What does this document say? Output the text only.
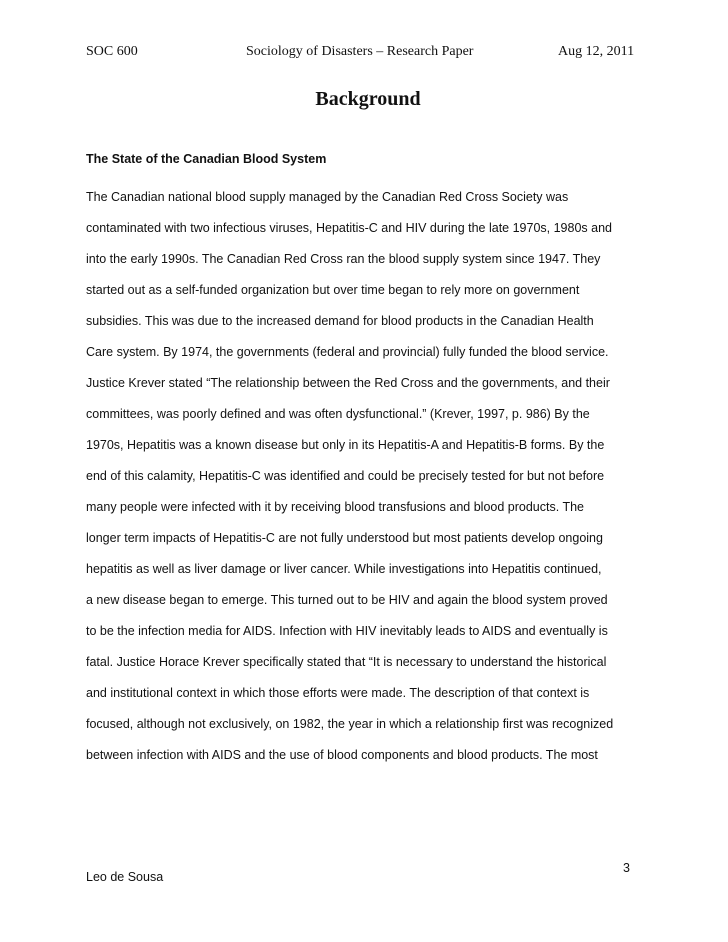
SOC 600	Sociology of Disasters – Research Paper	Aug 12, 2011
Background
The State of the Canadian Blood System
The Canadian national blood supply managed by the Canadian Red Cross Society was
contaminated with two infectious viruses, Hepatitis-C and HIV during the late 1970s, 1980s and
into the early 1990s. The Canadian Red Cross ran the blood supply system since 1947. They
started out as a self-funded organization but over time began to rely more on government
subsidies. This was due to the increased demand for blood products in the Canadian Health
Care system. By 1974, the governments (federal and provincial) fully funded the blood service.
Justice Krever stated “The relationship between the Red Cross and the governments, and their
committees, was poorly defined and was often dysfunctional.” (Krever, 1997, p. 986) By the
1970s, Hepatitis was a known disease but only in its Hepatitis-A and Hepatitis-B forms. By the
end of this calamity, Hepatitis-C was identified and could be precisely tested for but not before
many people were infected with it by receiving blood transfusions and blood products. The
longer term impacts of Hepatitis-C are not fully understood but most patients develop ongoing
hepatitis as well as liver damage or liver cancer. While investigations into Hepatitis continued,
a new disease began to emerge. This turned out to be HIV and again the blood system proved
to be the infection media for AIDS. Infection with HIV inevitably leads to AIDS and eventually is
fatal. Justice Horace Krever specifically stated that “It is necessary to understand the historical
and institutional context in which those efforts were made. The description of that context is
focused, although not exclusively, on 1982, the year in which a relationship first was recognized
between infection with AIDS and the use of blood components and blood products. The most
Leo de Sousa
3
